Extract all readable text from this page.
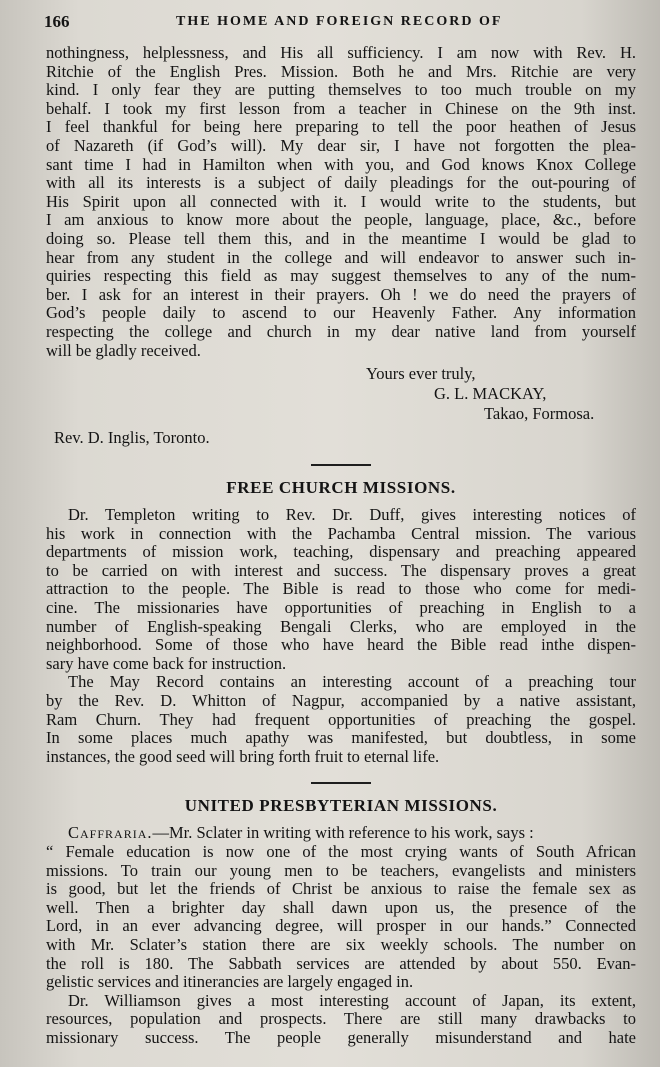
166	THE HOME AND FOREIGN RECORD OF
nothingness, helplessness, and His all sufficiency. I am now with Rev. H.
Ritchie of the English Pres. Mission. Both he and Mrs. Ritchie are very
kind. I only fear they are putting themselves to too much trouble on my
behalf. I took my first lesson from a teacher in Chinese on the 9th inst.
I feel thankful for being here preparing to tell the poor heathen of Jesus
of Nazareth (if God’s will). My dear sir, I have not forgotten the plea-
sant time I had in Hamilton when with you, and God knows Knox College
with all its interests is a subject of daily pleadings for the out-pouring of
His Spirit upon all connected with it. I would write to the students, but
I am anxious to know more about the people, language, place, &c., before
doing so. Please tell them this, and in the meantime I would be glad to
hear from any student in the college and will endeavor to answer such in-
quiries respecting this field as may suggest themselves to any of the num-
ber. I ask for an interest in their prayers. Oh ! we do need the prayers of
God’s people daily to ascend to our Heavenly Father. Any information
respecting the college and church in my dear native land from yourself
will be gladly received.
Yours ever truly,
G. L. MACKAY,
Takao, Formosa.
Rev. D. Inglis, Toronto.
FREE CHURCH MISSIONS.
Dr. Templeton writing to Rev. Dr. Duff, gives interesting notices of
his work in connection with the Pachamba Central mission. The various
departments of mission work, teaching, dispensary and preaching appeared
to be carried on with interest and success. The dispensary proves a great
attraction to the people. The Bible is read to those who come for medi-
cine. The missionaries have opportunities of preaching in English to a
number of English-speaking Bengali Clerks, who are employed in the
neighborhood. Some of those who have heard the Bible read inthe dispen-
sary have come back for instruction.
The May Record contains an interesting account of a preaching tour
by the Rev. D. Whitton of Nagpur, accompanied by a native assistant,
Ram Churn. They had frequent opportunities of preaching the gospel.
In some places much apathy was manifested, but doubtless, in some
instances, the good seed will bring forth fruit to eternal life.
UNITED PRESBYTERIAN MISSIONS.
Caffraria.—Mr. Sclater in writing with reference to his work, says :
“ Female education is now one of the most crying wants of South African
missions. To train our young men to be teachers, evangelists and ministers
is good, but let the friends of Christ be anxious to raise the female sex as
well. Then a brighter day shall dawn upon us, the presence of the
Lord, in an ever advancing degree, will prosper in our hands.” Connected
with Mr. Sclater’s station there are six weekly schools. The number on
the roll is 180. The Sabbath services are attended by about 550. Evan-
gelistic services and itinerancies are largely engaged in.
Dr. Williamson gives a most interesting account of Japan, its extent,
resources, population and prospects. There are still many drawbacks to
missionary success. The people generally misunderstand and hate
